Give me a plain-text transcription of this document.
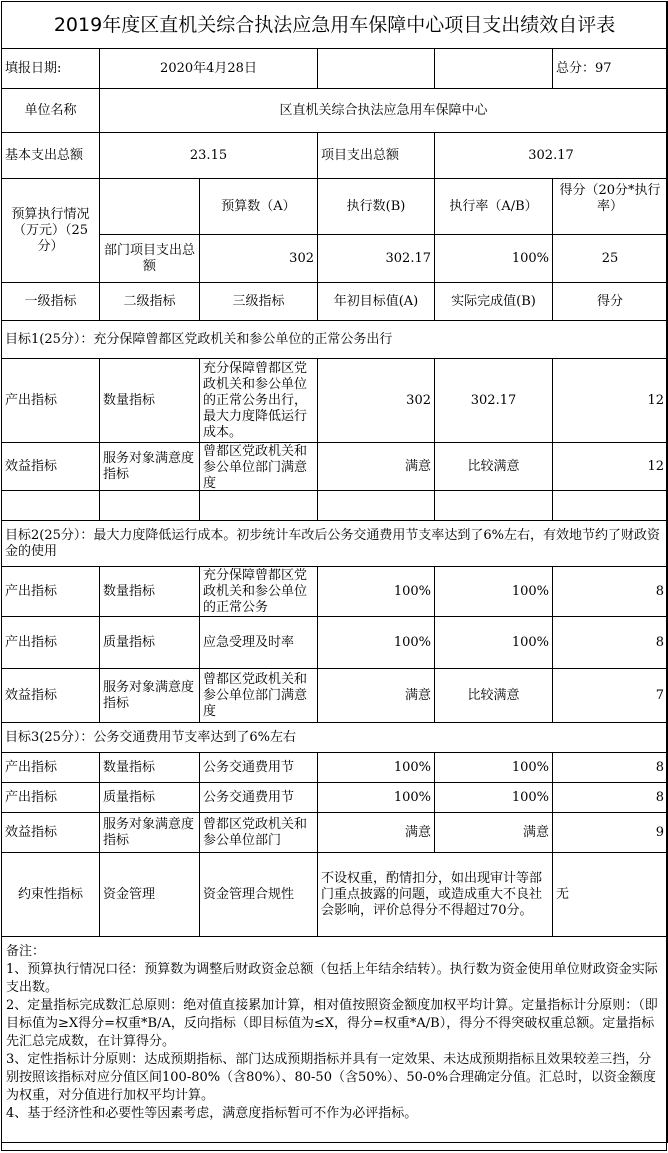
2019年度区直机关综合执法应急用车保障中心项目支出绩效自评表					
填报日期:	2020年4月28日				总分：97
单位名称	区直机关综合执法应急用车保障中心				
基本支出总额	23.15		项目支出总额	302.17	
预算执行情况（万元）（25分）		预算数（A）	执行数(B)	执行率（A/B）	得分（20分*执行率）

	部门项目支出总额	302	302.17	100%	25
一级指标	二级指标	三级指标	年初目标值(A)	实际完成值(B)	得分
目标1(25分）：充分保障曾都区党政机关和参公单位的正常公务出行					
产出指标	数量指标	充分保障曾都区党政机关和参公单位的正常公务出行，最大力度降低运行成本。	302	302.17	12
效益指标	服务对象满意度指标	曾都区党政机关和参公单位部门满意度	满意	比较满意	12

目标2(25分）：最大力度降低运行成本。初步统计车改后公务交通费用节支率达到了6%左右，有效地节约了财政资金的使用					
产出指标	数量指标	充分保障曾都区党政机关和参公单位的正常公务	100%	100%	8
产出指标	质量指标	应急受理及时率	100%	100%	8
效益指标	服务对象满意度指标	曾都区党政机关和参公单位部门满意度	满意	比较满意	7
目标3(25分）：公务交通费用节支率达到了6%左右					
产出指标	数量指标	公务交通费用节	100%	100%	8
产出指标	质量指标	公务交通费用节	100%	100%	8
效益指标	服务对象满意度指标	曾都区党政机关和参公单位部门	满意	满意	9
约束性指标	资金管理	资金管理合规性	不设权重，酌情扣分，如出现审计等部门重点披露的问题，或造成重大不良社会影响，评价总得分不得超过70分。		无

备注：
1、预算执行情况口径：预算数为调整后财政资金总额（包括上年结余结转）。执行数为资金使用单位财政资金实际支出数。
2、定量指标完成数汇总原则：绝对值直接累加计算，相对值按照资金额度加权平均计算。定量指标计分原则：（即目标值为≥X得分=权重*B/A，反向指标（即目标值为≤X，得分=权重*A/B），得分不得突破权重总额。定量指标先汇总完成数，在计算得分。
3、定性指标计分原则：达成预期指标、部门达成预期指标并具有一定效果、未达成预期指标且效果较差三挡，分别按照该指标对应分值区间100-80%（含80%）、80-50（含50%）、50-0%合理确定分值。汇总时，以资金额度为权重，对分值进行加权平均计算。
4、基于经济性和必要性等因素考虑，满意度指标暂可不作为必评指标。					
